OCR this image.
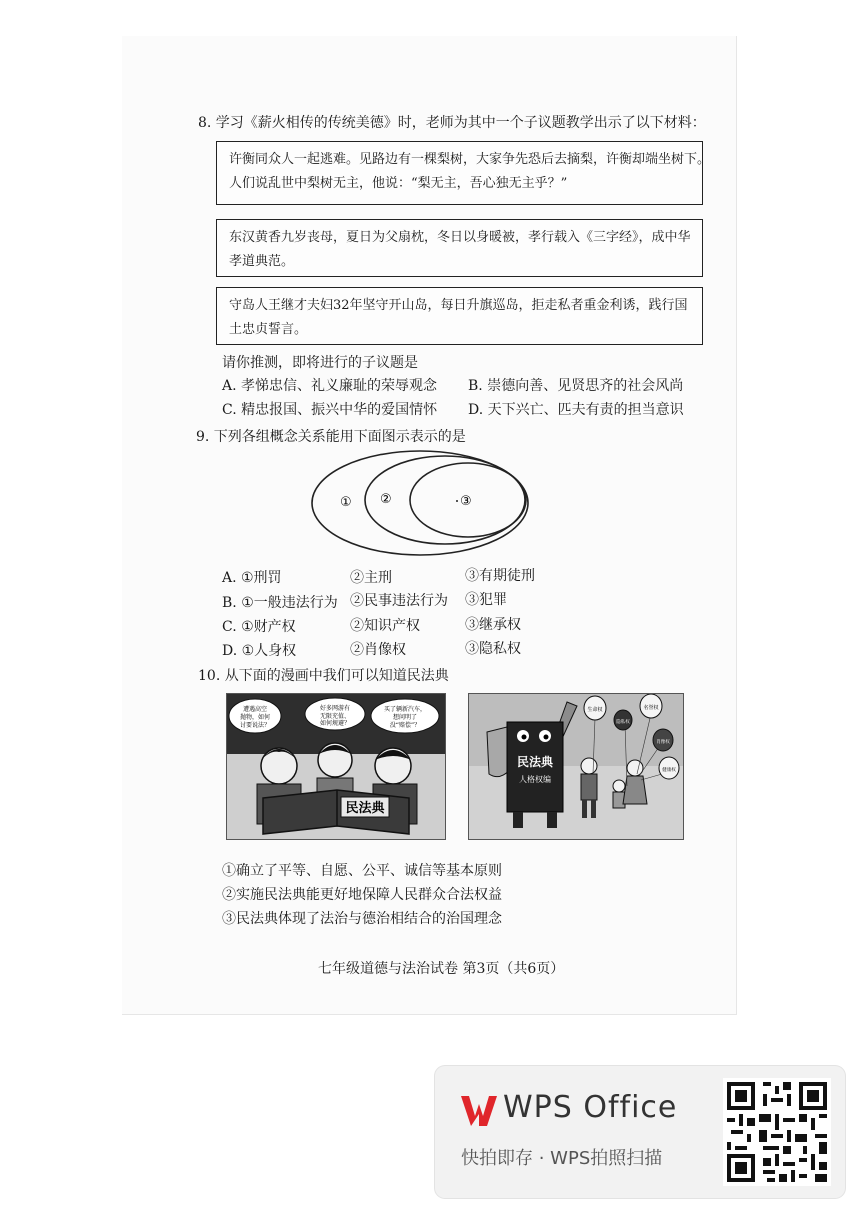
8. 学习《薪火相传的传统美德》时，老师为其中一个子议题教学出示了以下材料：
许衡同众人一起逃难。见路边有一棵梨树，大家争先恐后去摘梨，许衡却端坐树下。
人们说乱世中梨树无主，他说：“梨无主，吾心独无主乎？”
东汉黄香九岁丧母，夏日为父扇枕，冬日以身暖被，孝行载入《三字经》，成中华
孝道典范。
守岛人王继才夫妇32年坚守开山岛，每日升旗巡岛，拒走私者重金利诱，践行国
土忠贞誓言。
请你推测，即将进行的子议题是
A. 孝悌忠信、礼义廉耻的荣辱观念 B. 崇德向善、见贤思齐的社会风尚
C. 精忠报国、振兴中华的爱国情怀 D. 天下兴亡、匹夫有责的担当意识
9. 下列各组概念关系能用下面图示表示的是
① ②	③
A. ①刑罚	②主刑	③有期徒刑
B. ①一般违法行为 ②民事违法行为 ③犯罪
C. ①财产权	②知识产权	③继承权
D. ①人身权	②肖像权	③隐私权
10. 从下面的漫画中我们可以知道民法典
遭遇高空
抛物，如何
讨要说法？
好多网游有
无限充值、
如何规避？
买了辆新汽车，
想问明了
没“赔偿”？
民法典
民法典
人格权编
生命权
隐私权
名誉权
肖像权
健康权
①确立了平等、自愿、公平、诚信等基本原则
②实施民法典能更好地保障人民群众合法权益
③民法典体现了法治与德治相结合的治国理念
七年级道德与法治试卷 第3页（共6页）
WPS Office
快拍即存 · WPS拍照扫描
